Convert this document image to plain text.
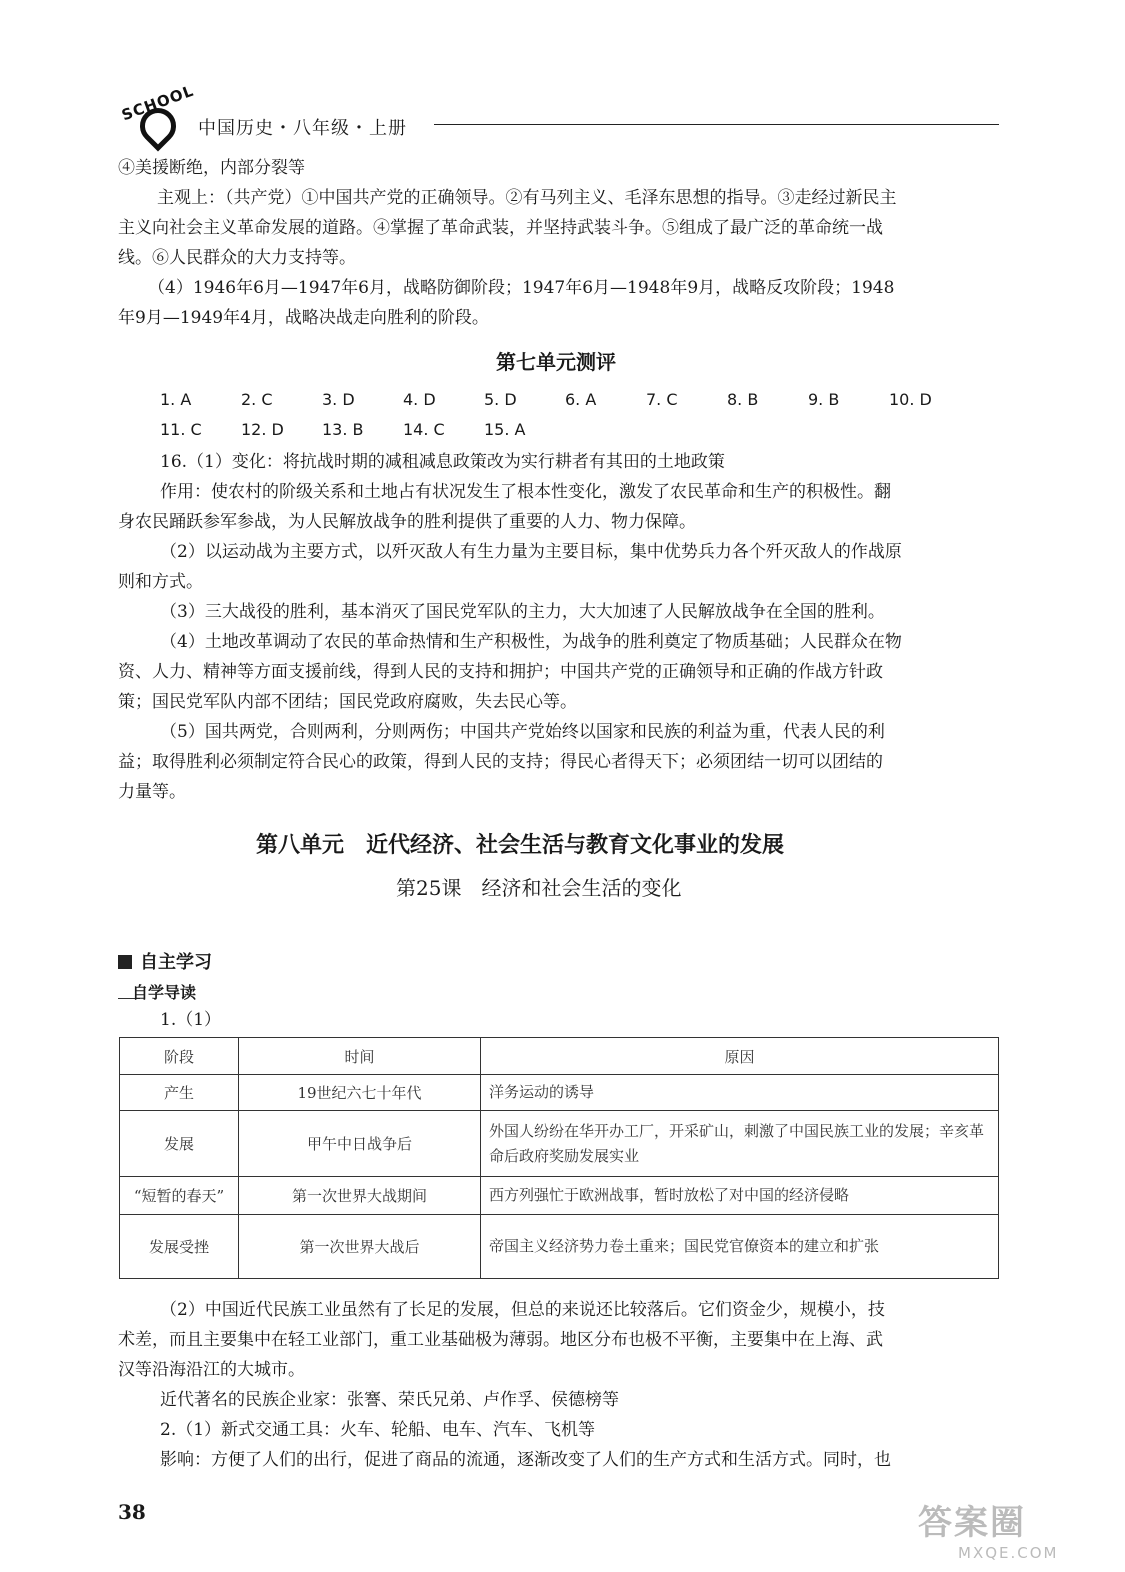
SCHOOL
中国历史・八年级・上册
④美援断绝，内部分裂等
主观上：（共产党）①中国共产党的正确领导。②有马列主义、毛泽东思想的指导。③走经过新民主
主义向社会主义革命发展的道路。④掌握了革命武装，并坚持武装斗争。⑤组成了最广泛的革命统一战
线。⑥人民群众的大力支持等。
（4）1946年6月—1947年6月，战略防御阶段；1947年6月—1948年9月，战略反攻阶段；1948
年9月—1949年4月，战略决战走向胜利的阶段。
第七单元测评
1. A	2. C	3. D	4. D	5. D	6. A	7. C	8. B	9. B	10. D
11. C 12. D 13. B 14. C 15. A
16.（1）变化：将抗战时期的减租减息政策改为实行耕者有其田的土地政策
作用：使农村的阶级关系和土地占有状况发生了根本性变化，激发了农民革命和生产的积极性。翻
身农民踊跃参军参战，为人民解放战争的胜利提供了重要的人力、物力保障。
（2）以运动战为主要方式，以歼灭敌人有生力量为主要目标，集中优势兵力各个歼灭敌人的作战原
则和方式。
（3）三大战役的胜利，基本消灭了国民党军队的主力，大大加速了人民解放战争在全国的胜利。
（4）土地改革调动了农民的革命热情和生产积极性，为战争的胜利奠定了物质基础；人民群众在物
资、人力、精神等方面支援前线，得到人民的支持和拥护；中国共产党的正确领导和正确的作战方针政
策；国民党军队内部不团结；国民党政府腐败，失去民心等。
（5）国共两党，合则两利，分则两伤；中国共产党始终以国家和民族的利益为重，代表人民的利
益；取得胜利必须制定符合民心的政策，得到人民的支持；得民心者得天下；必须团结一切可以团结的
力量等。
第八单元　近代经济、社会生活与教育文化事业的发展
第25课　经济和社会生活的变化
自主学习
自学导读
1.（1）
阶段	时间	原因
产生	19世纪六七十年代	洋务运动的诱导
发展	甲午中日战争后	外国人纷纷在华开办工厂，开采矿山，刺激了中国民族工业的发展；辛亥革命后政府奖励发展实业
“短暂的春天”	第一次世界大战期间	西方列强忙于欧洲战事，暂时放松了对中国的经济侵略
发展受挫	第一次世界大战后	帝国主义经济势力卷土重来；国民党官僚资本的建立和扩张
（2）中国近代民族工业虽然有了长足的发展，但总的来说还比较落后。它们资金少，规模小，技
术差，而且主要集中在轻工业部门，重工业基础极为薄弱。地区分布也极不平衡，主要集中在上海、武
汉等沿海沿江的大城市。
近代著名的民族企业家：张謇、荣氏兄弟、卢作孚、侯德榜等
2.（1）新式交通工具：火车、轮船、电车、汽车、飞机等
影响：方便了人们的出行，促进了商品的流通，逐渐改变了人们的生产方式和生活方式。同时，也
38	答案圈
MXQE.COM
